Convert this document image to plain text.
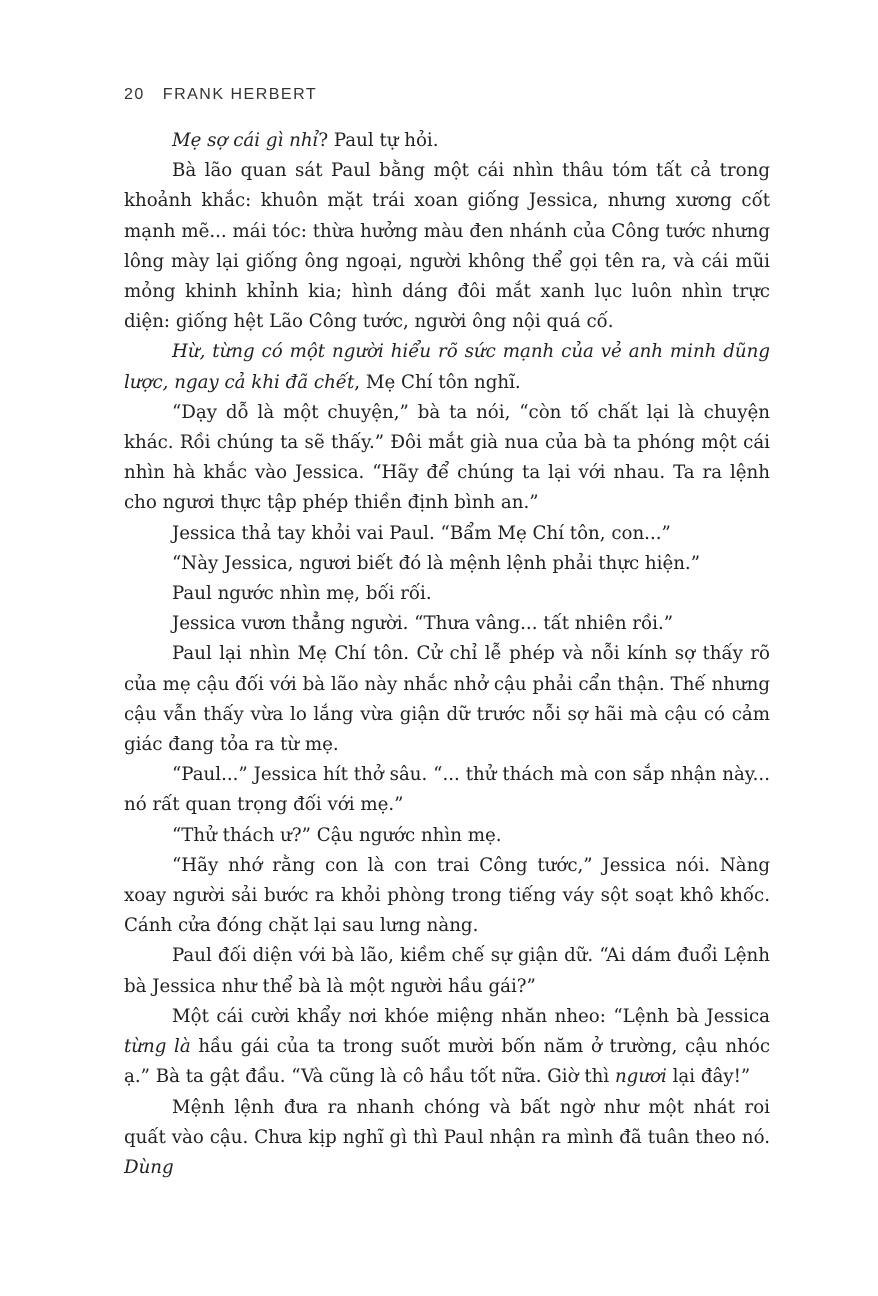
20 FRANK HERBERT

Mẹ sợ cái gì nhỉ? Paul tự hỏi.

Bà lão quan sát Paul bằng một cái nhìn thâu tóm tất cả trong khoảnh khắc: khuôn mặt trái xoan giống Jessica, nhưng xương cốt mạnh mẽ... mái tóc: thừa hưởng màu đen nhánh của Công tước nhưng lông mày lại giống ông ngoại, người không thể gọi tên ra, và cái mũi mỏng khinh khỉnh kia; hình dáng đôi mắt xanh lục luôn nhìn trực diện: giống hệt Lão Công tước, người ông nội quá cố.

Hừ, từng có một người hiểu rõ sức mạnh của vẻ anh minh dũng lược, ngay cả khi đã chết, Mẹ Chí tôn nghĩ.

“Dạy dỗ là một chuyện,” bà ta nói, “còn tố chất lại là chuyện khác. Rồi chúng ta sẽ thấy.” Đôi mắt già nua của bà ta phóng một cái nhìn hà khắc vào Jessica. “Hãy để chúng ta lại với nhau. Ta ra lệnh cho ngươi thực tập phép thiền định bình an.”

Jessica thả tay khỏi vai Paul. “Bẩm Mẹ Chí tôn, con...”

“Này Jessica, ngươi biết đó là mệnh lệnh phải thực hiện.”

Paul ngước nhìn mẹ, bối rối.

Jessica vươn thẳng người. “Thưa vâng... tất nhiên rồi.”

Paul lại nhìn Mẹ Chí tôn. Cử chỉ lễ phép và nỗi kính sợ thấy rõ của mẹ cậu đối với bà lão này nhắc nhở cậu phải cẩn thận. Thế nhưng cậu vẫn thấy vừa lo lắng vừa giận dữ trước nỗi sợ hãi mà cậu có cảm giác đang tỏa ra từ mẹ.

“Paul...” Jessica hít thở sâu. “... thử thách mà con sắp nhận này... nó rất quan trọng đối với mẹ.”

“Thử thách ư?” Cậu ngước nhìn mẹ.

“Hãy nhớ rằng con là con trai Công tước,” Jessica nói. Nàng xoay người sải bước ra khỏi phòng trong tiếng váy sột soạt khô khốc. Cánh cửa đóng chặt lại sau lưng nàng.

Paul đối diện với bà lão, kiềm chế sự giận dữ. “Ai dám đuổi Lệnh bà Jessica như thể bà là một người hầu gái?”

Một cái cười khẩy nơi khóe miệng nhăn nheo: “Lệnh bà Jessica từng là hầu gái của ta trong suốt mười bốn năm ở trường, cậu nhóc ạ.” Bà ta gật đầu. “Và cũng là cô hầu tốt nữa. Giờ thì ngươi lại đây!”

Mệnh lệnh đưa ra nhanh chóng và bất ngờ như một nhát roi quất vào cậu. Chưa kịp nghĩ gì thì Paul nhận ra mình đã tuân theo nó. Dùng
